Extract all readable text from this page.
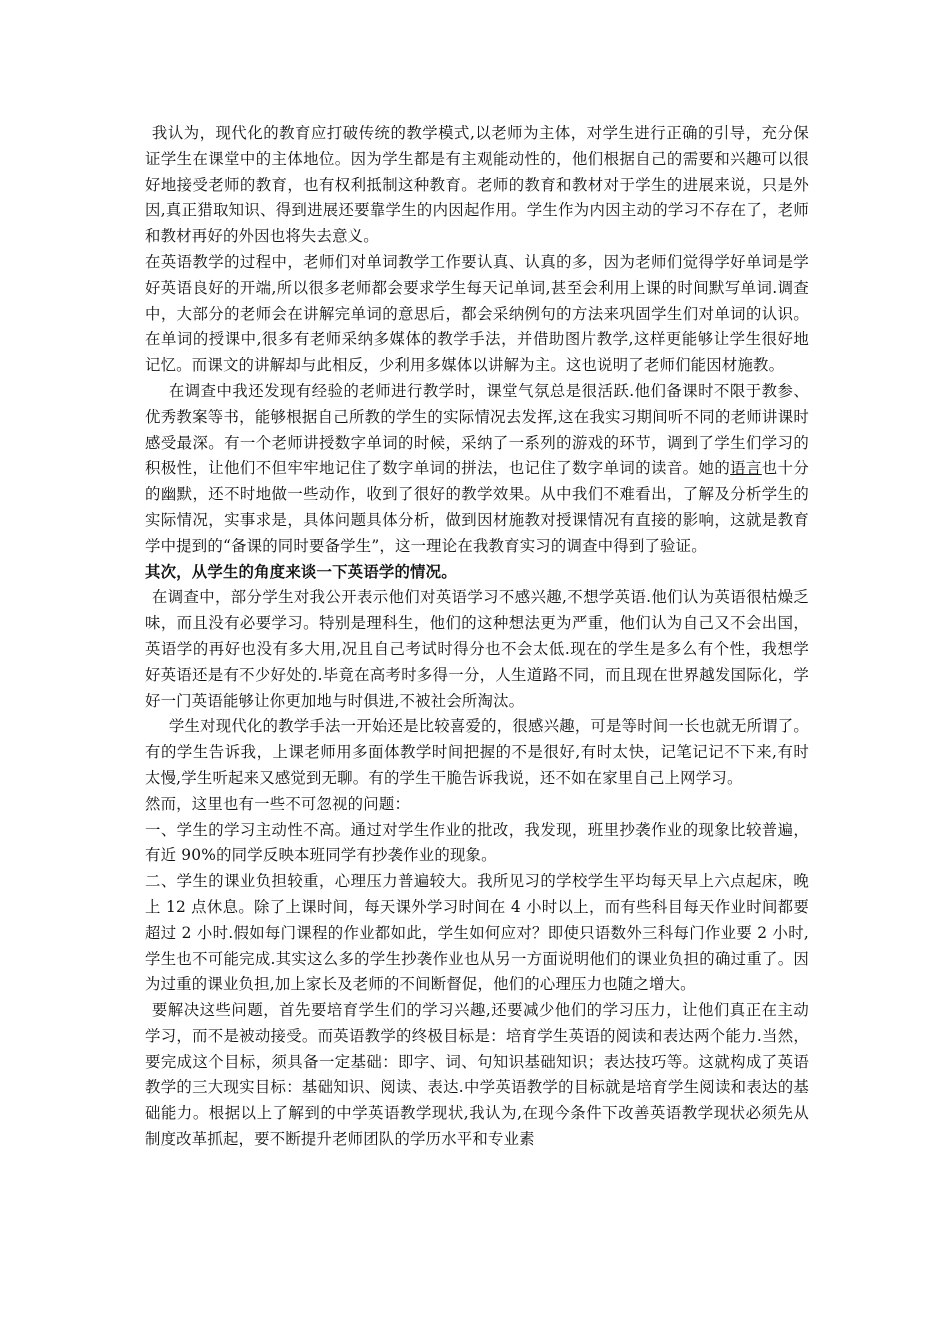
我认为，现代化的教育应打破传统的教学模式,以老师为主体，对学生进行正确的引导，充分保证学生在课堂中的主体地位。因为学生都是有主观能动性的，他们根据自己的需要和兴趣可以很好地接受老师的教育，也有权利抵制这种教育。老师的教育和教材对于学生的进展来说，只是外因,真正猎取知识、得到进展还要靠学生的内因起作用。学生作为内因主动的学习不存在了，老师和教材再好的外因也将失去意义。

在英语教学的过程中，老师们对单词教学工作要认真、认真的多，因为老师们觉得学好单词是学好英语良好的开端,所以很多老师都会要求学生每天记单词,甚至会利用上课的时间默写单词.调查中，大部分的老师会在讲解完单词的意思后，都会采纳例句的方法来巩固学生们对单词的认识。在单词的授课中,很多有老师采纳多媒体的教学手法，并借助图片教学,这样更能够让学生很好地记忆。而课文的讲解却与此相反，少利用多媒体以讲解为主。这也说明了老师们能因材施教。

在调查中我还发现有经验的老师进行教学时，课堂气氛总是很活跃.他们备课时不限于教参、优秀教案等书，能够根据自己所教的学生的实际情况去发挥,这在我实习期间听不同的老师讲课时感受最深。有一个老师讲授数字单词的时候，采纳了一系列的游戏的环节，调到了学生们学习的积极性，让他们不但牢牢地记住了数字单词的拼法，也记住了数字单词的读音。她的语言也十分的幽默，还不时地做一些动作，收到了很好的教学效果。从中我们不难看出，了解及分析学生的实际情况，实事求是，具体问题具体分析，做到因材施教对授课情况有直接的影响，这就是教育学中提到的“备课的同时要备学生”，这一理论在我教育实习的调查中得到了验证。

其次，从学生的角度来谈一下英语学的情况。

在调查中，部分学生对我公开表示他们对英语学习不感兴趣,不想学英语.他们认为英语很枯燥乏味，而且没有必要学习。特别是理科生，他们的这种想法更为严重，他们认为自己又不会出国，英语学的再好也没有多大用,况且自己考试时得分也不会太低.现在的学生是多么有个性，我想学好英语还是有不少好处的.毕竟在高考时多得一分，人生道路不同，而且现在世界越发国际化，学好一门英语能够让你更加地与时俱进,不被社会所淘汰。

学生对现代化的教学手法一开始还是比较喜爱的，很感兴趣，可是等时间一长也就无所谓了。有的学生告诉我，上课老师用多面体教学时间把握的不是很好,有时太快，记笔记记不下来,有时太慢,学生听起来又感觉到无聊。有的学生干脆告诉我说，还不如在家里自己上网学习。

然而，这里也有一些不可忽视的问题：

一、学生的学习主动性不高。通过对学生作业的批改，我发现，班里抄袭作业的现象比较普遍，有近 90%的同学反映本班同学有抄袭作业的现象。

二、学生的课业负担较重，心理压力普遍较大。我所见习的学校学生平均每天早上六点起床，晚上 12 点休息。除了上课时间，每天课外学习时间在 4 小时以上，而有些科目每天作业时间都要超过 2 小时.假如每门课程的作业都如此，学生如何应对？即使只语数外三科每门作业要 2 小时,学生也不可能完成.其实这么多的学生抄袭作业也从另一方面说明他们的课业负担的确过重了。因为过重的课业负担,加上家长及老师的不间断督促，他们的心理压力也随之增大。

要解决这些问题，首先要培育学生们的学习兴趣,还要减少他们的学习压力，让他们真正在主动学习，而不是被动接受。而英语教学的终极目标是：培育学生英语的阅读和表达两个能力.当然，要完成这个目标，须具备一定基础：即字、词、句知识基础知识；表达技巧等。这就构成了英语教学的三大现实目标：基础知识、阅读、表达.中学英语教学的目标就是培育学生阅读和表达的基础能力。根据以上了解到的中学英语教学现状,我认为,在现今条件下改善英语教学现状必须先从制度改革抓起，要不断提升老师团队的学历水平和专业素
